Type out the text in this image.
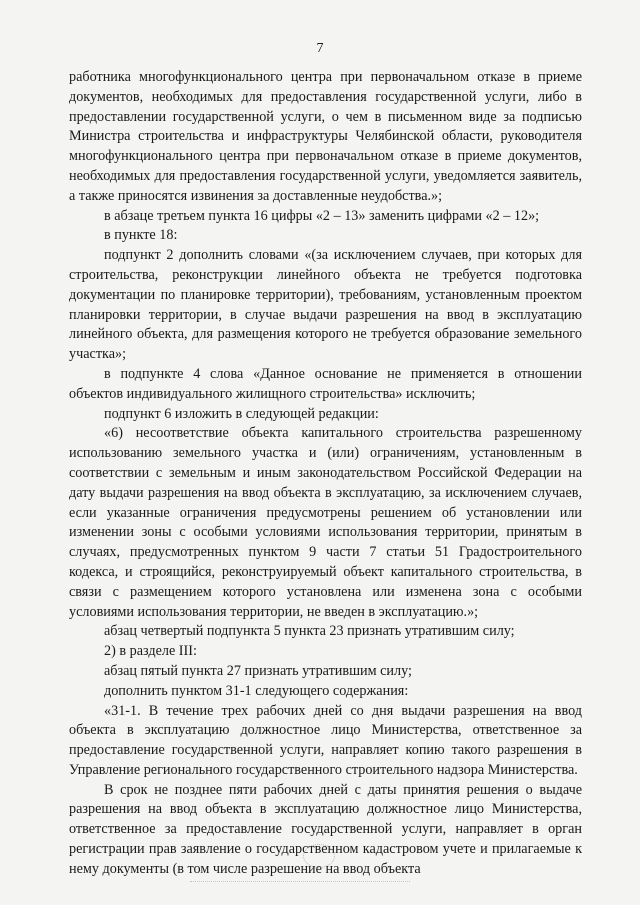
7

работника многофункционального центра при первоначальном отказе в приеме документов, необходимых для предоставления государственной услуги, либо в предоставлении государственной услуги, о чем в письменном виде за подписью Министра строительства и инфраструктуры Челябинской области, руководителя многофункционального центра при первоначальном отказе в приеме документов, необходимых для предоставления государственной услуги, уведомляется заявитель, а также приносятся извинения за доставленные неудобства.»;

в абзаце третьем пункта 16 цифры «2 – 13» заменить цифрами «2 – 12»;

в пункте 18:

подпункт 2 дополнить словами «(за исключением случаев, при которых для строительства, реконструкции линейного объекта не требуется подготовка документации по планировке территории), требованиям, установленным проектом планировки территории, в случае выдачи разрешения на ввод в эксплуатацию линейного объекта, для размещения которого не требуется образование земельного участка»;

в подпункте 4 слова «Данное основание не применяется в отношении объектов индивидуального жилищного строительства» исключить;

подпункт 6 изложить в следующей редакции:

«6) несоответствие объекта капитального строительства разрешенному использованию земельного участка и (или) ограничениям, установленным в соответствии с земельным и иным законодательством Российской Федерации на дату выдачи разрешения на ввод объекта в эксплуатацию, за исключением случаев, если указанные ограничения предусмотрены решением об установлении или изменении зоны с особыми условиями использования территории, принятым в случаях, предусмотренных пунктом 9 части 7 статьи 51 Градостроительного кодекса, и строящийся, реконструируемый объект капитального строительства, в связи с размещением которого установлена или изменена зона с особыми условиями использования территории, не введен в эксплуатацию.»;

абзац четвертый подпункта 5 пункта 23 признать утратившим силу;

2) в разделе III:

абзац пятый пункта 27 признать утратившим силу;

дополнить пунктом 31-1 следующего содержания:

«31-1. В течение трех рабочих дней со дня выдачи разрешения на ввод объекта в эксплуатацию должностное лицо Министерства, ответственное за предоставление государственной услуги, направляет копию такого разрешения в Управление регионального государственного строительного надзора Министерства.

В срок не позднее пяти рабочих дней с даты принятия решения о выдаче разрешения на ввод объекта в эксплуатацию должностное лицо Министерства, ответственное за предоставление государственной услуги, направляет в орган регистрации прав заявление о государственном кадастровом учете и прилагаемые к нему документы (в том числе разрешение на ввод объекта
